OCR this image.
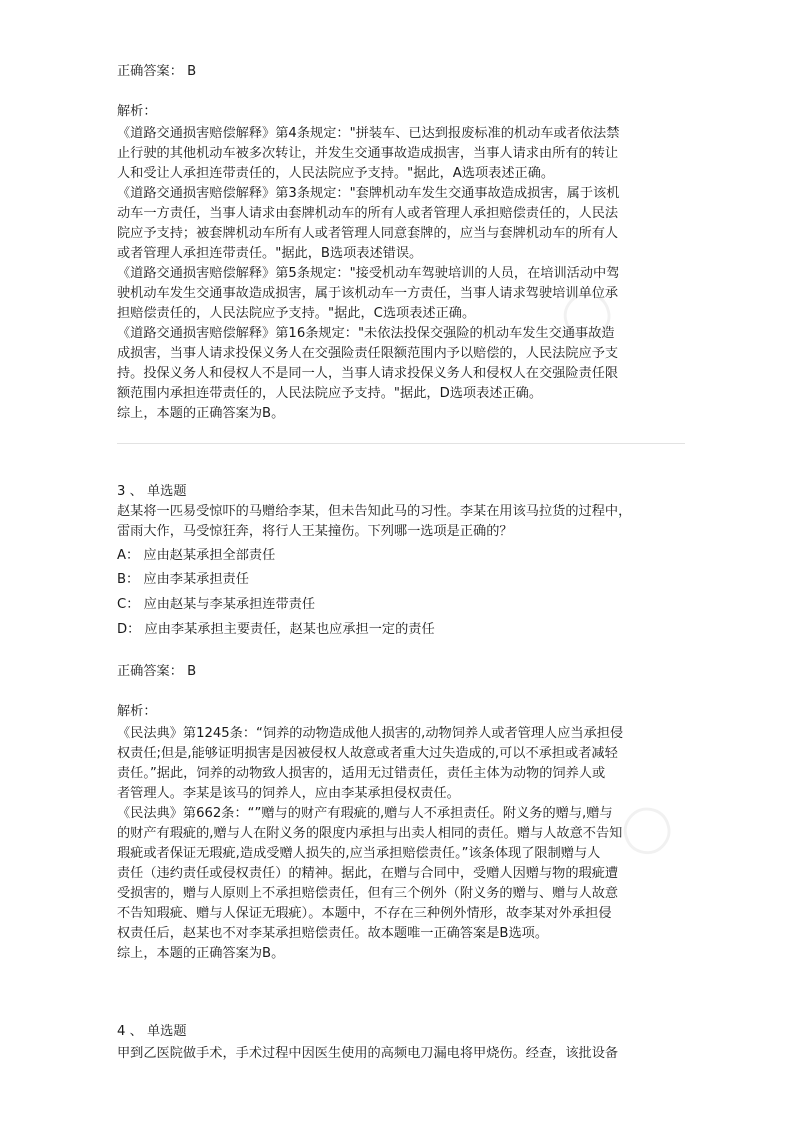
◯
◯
正确答案： B
解析：
《道路交通损害赔偿解释》第4条规定："拼装车、已达到报废标准的机动车或者依法禁
止行驶的其他机动车被多次转让，并发生交通事故造成损害，当事人请求由所有的转让
人和受让人承担连带责任的，人民法院应予支持。"据此，A选项表述正确。
《道路交通损害赔偿解释》第3条规定："套牌机动车发生交通事故造成损害，属于该机
动车一方责任，当事人请求由套牌机动车的所有人或者管理人承担赔偿责任的，人民法
院应予支持；被套牌机动车所有人或者管理人同意套牌的，应当与套牌机动车的所有人
或者管理人承担连带责任。"据此，B选项表述错误。
《道路交通损害赔偿解释》第5条规定："接受机动车驾驶培训的人员，在培训活动中驾
驶机动车发生交通事故造成损害，属于该机动车一方责任，当事人请求驾驶培训单位承
担赔偿责任的，人民法院应予支持。"据此，C选项表述正确。
《道路交通损害赔偿解释》第16条规定："未依法投保交强险的机动车发生交通事故造
成损害，当事人请求投保义务人在交强险责任限额范围内予以赔偿的，人民法院应予支
持。投保义务人和侵权人不是同一人，当事人请求投保义务人和侵权人在交强险责任限
额范围内承担连带责任的，人民法院应予支持。"据此，D选项表述正确。
综上，本题的正确答案为B。
3 、 单选题
赵某将一匹易受惊吓的马赠给李某，但未告知此马的习性。李某在用该马拉货的过程中，
雷雨大作，马受惊狂奔，将行人王某撞伤。下列哪一选项是正确的？
A： 应由赵某承担全部责任
B： 应由李某承担责任
C： 应由赵某与李某承担连带责任
D： 应由李某承担主要责任，赵某也应承担一定的责任
正确答案： B
解析：
《民法典》第1245条：“饲养的动物造成他人损害的,动物饲养人或者管理人应当承担侵
权责任;但是,能够证明损害是因被侵权人故意或者重大过失造成的,可以不承担或者减轻
责任。”据此，饲养的动物致人损害的，适用无过错责任，责任主体为动物的饲养人或
者管理人。李某是该马的饲养人，应由李某承担侵权责任。
《民法典》第662条：“”赠与的财产有瑕疵的,赠与人不承担责任。附义务的赠与,赠与
的财产有瑕疵的,赠与人在附义务的限度内承担与出卖人相同的责任。赠与人故意不告知
瑕疵或者保证无瑕疵,造成受赠人损失的,应当承担赔偿责任。”该条体现了限制赠与人
责任（违约责任或侵权责任）的精神。据此，在赠与合同中，受赠人因赠与物的瑕疵遭
受损害的，赠与人原则上不承担赔偿责任，但有三个例外（附义务的赠与、赠与人故意
不告知瑕疵、赠与人保证无瑕疵）。本题中，不存在三种例外情形，故李某对外承担侵
权责任后，赵某也不对李某承担赔偿责任。故本题唯一正确答案是B选项。
综上，本题的正确答案为B。
4 、 单选题
甲到乙医院做手术，手术过程中因医生使用的高频电刀漏电将甲烧伤。经查，该批设备
